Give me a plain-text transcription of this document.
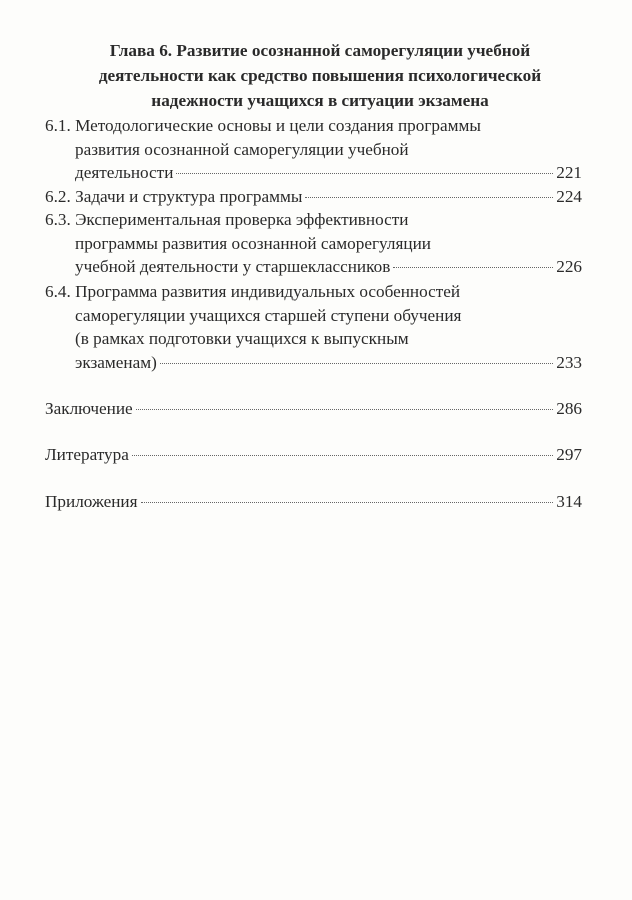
Глава 6. Развитие осознанной саморегуляции учебной
деятельности как средство повышения психологической
надежности учащихся в ситуации экзамена
6.1. Методологические основы и цели создания программы
развития осознанной саморегуляции учебной
деятельности	221
6.2. Задачи и структура программы	224
6.3. Экспериментальная проверка эффективности
программы развития осознанной саморегуляции
учебной деятельности у старшеклассников	226
6.4. Программа развития индивидуальных особенностей
саморегуляции учащихся старшей ступени обучения
(в рамках подготовки учащихся к выпускным
экзаменам)	233
Заключение	286
Литература	297
Приложения	314
